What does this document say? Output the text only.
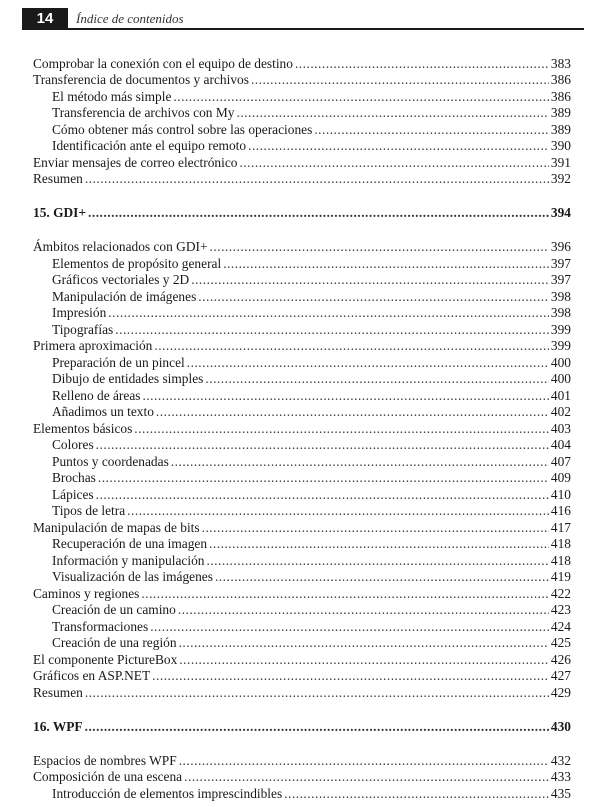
14	Índice de contenidos
Comprobar la conexión con el equipo de destino .....	383
Transferencia de documentos y archivos .....	386
El método más simple .....	386
Transferencia de archivos con My .....	389
Cómo obtener más control sobre las operaciones .....	389
Identificación ante el equipo remoto .....	390
Enviar mensajes de correo electrónico .....	391
Resumen .....	392
15. GDI+ .....	394
Ámbitos relacionados con GDI+ .....	396
Elementos de propósito general .....	397
Gráficos vectoriales y 2D .....	397
Manipulación de imágenes .....	398
Impresión .....	398
Tipografías .....	399
Primera aproximación .....	399
Preparación de un pincel .....	400
Dibujo de entidades simples .....	400
Relleno de áreas .....	401
Añadimos un texto .....	402
Elementos básicos .....	403
Colores .....	404
Puntos y coordenadas .....	407
Brochas .....	409
Lápices .....	410
Tipos de letra .....	416
Manipulación de mapas de bits .....	417
Recuperación de una imagen .....	418
Información y manipulación .....	418
Visualización de las imágenes .....	419
Caminos y regiones .....	422
Creación de un camino .....	423
Transformaciones .....	424
Creación de una región .....	425
El componente PictureBox .....	426
Gráficos en ASP.NET .....	427
Resumen .....	429
16. WPF .....	430
Espacios de nombres WPF .....	432
Composición de una escena .....	433
Introducción de elementos imprescindibles .....	435
